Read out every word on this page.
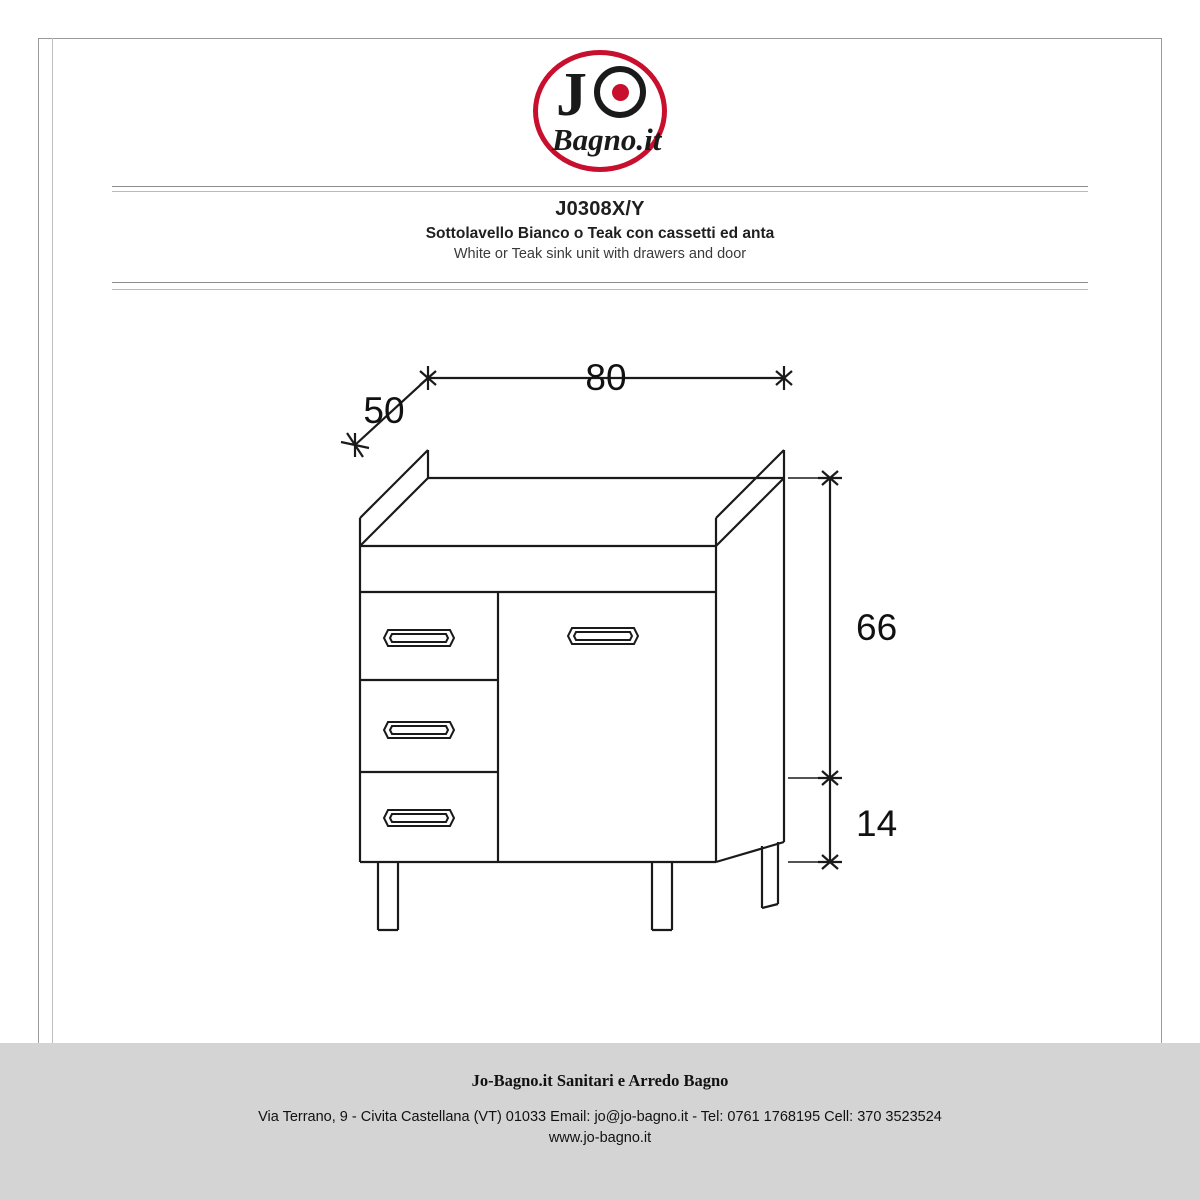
J
Bagno.it
J0308X/Y
Sottolavello Bianco o Teak con cassetti ed anta
White or Teak sink unit with drawers and door
80
50
66
14
Jo-Bagno.it Sanitari e Arredo Bagno
Via Terrano, 9 - Civita Castellana (VT) 01033 Email: jo@jo-bagno.it - Tel: 0761 1768195 Cell: 370 3523524
www.jo-bagno.it
